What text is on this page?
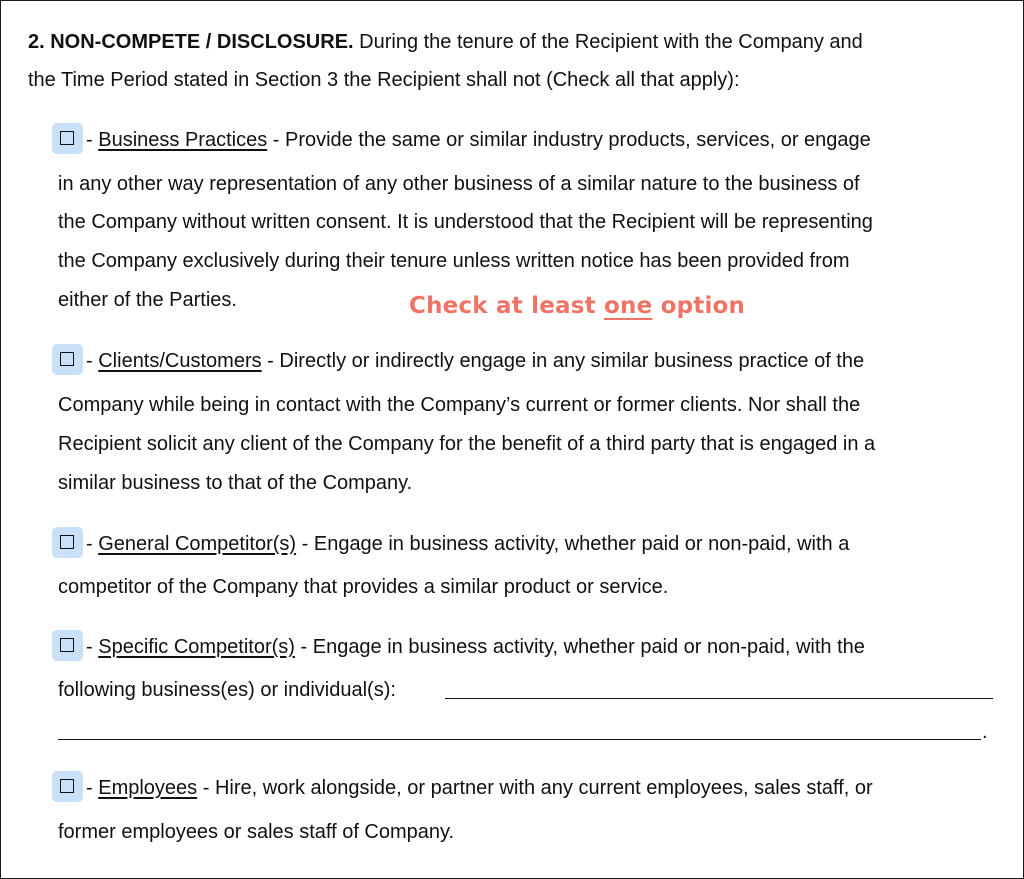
2. NON-COMPETE / DISCLOSURE. During the tenure of the Recipient with the Company and
the Time Period stated in Section 3 the Recipient shall not (Check all that apply):
- Business Practices - Provide the same or similar industry products, services, or engage
in any other way representation of any other business of a similar nature to the business of
the Company without written consent. It is understood that the Recipient will be representing
the Company exclusively during their tenure unless written notice has been provided from
either of the Parties.	Check at least one option
- Clients/Customers - Directly or indirectly engage in any similar business practice of the
Company while being in contact with the Company’s current or former clients. Nor shall the
Recipient solicit any client of the Company for the benefit of a third party that is engaged in a
similar business to that of the Company.
- General Competitor(s) - Engage in business activity, whether paid or non-paid, with a
competitor of the Company that provides a similar product or service.
- Specific Competitor(s) - Engage in business activity, whether paid or non-paid, with the
following business(es) or individual(s):
.
- Employees - Hire, work alongside, or partner with any current employees, sales staff, or
former employees or sales staff of Company.
